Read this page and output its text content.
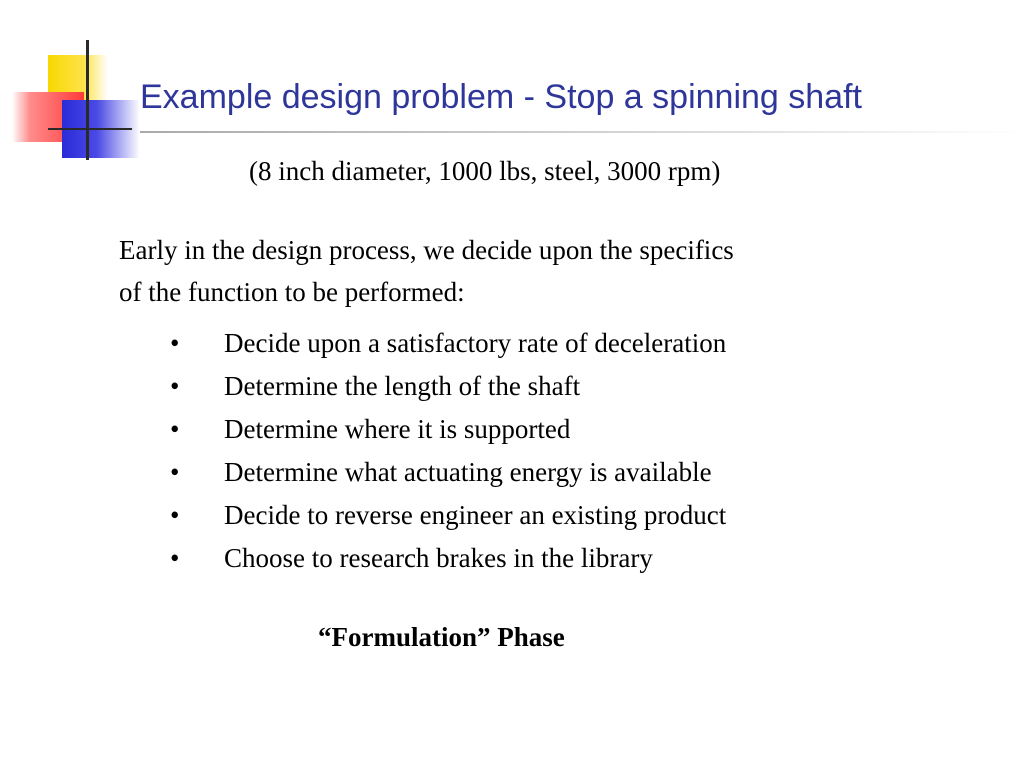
Example design problem - Stop a spinning shaft
(8 inch diameter, 1000 lbs, steel, 3000 rpm)
Early in the design process, we decide upon the specifics
of the function to be performed:
•	Decide upon a satisfactory rate of deceleration
•	Determine the length of the shaft
•	Determine where it is supported
•	Determine what actuating energy is available
•	Decide to reverse engineer an existing product
•	Choose to research brakes in the library
“Formulation” Phase
